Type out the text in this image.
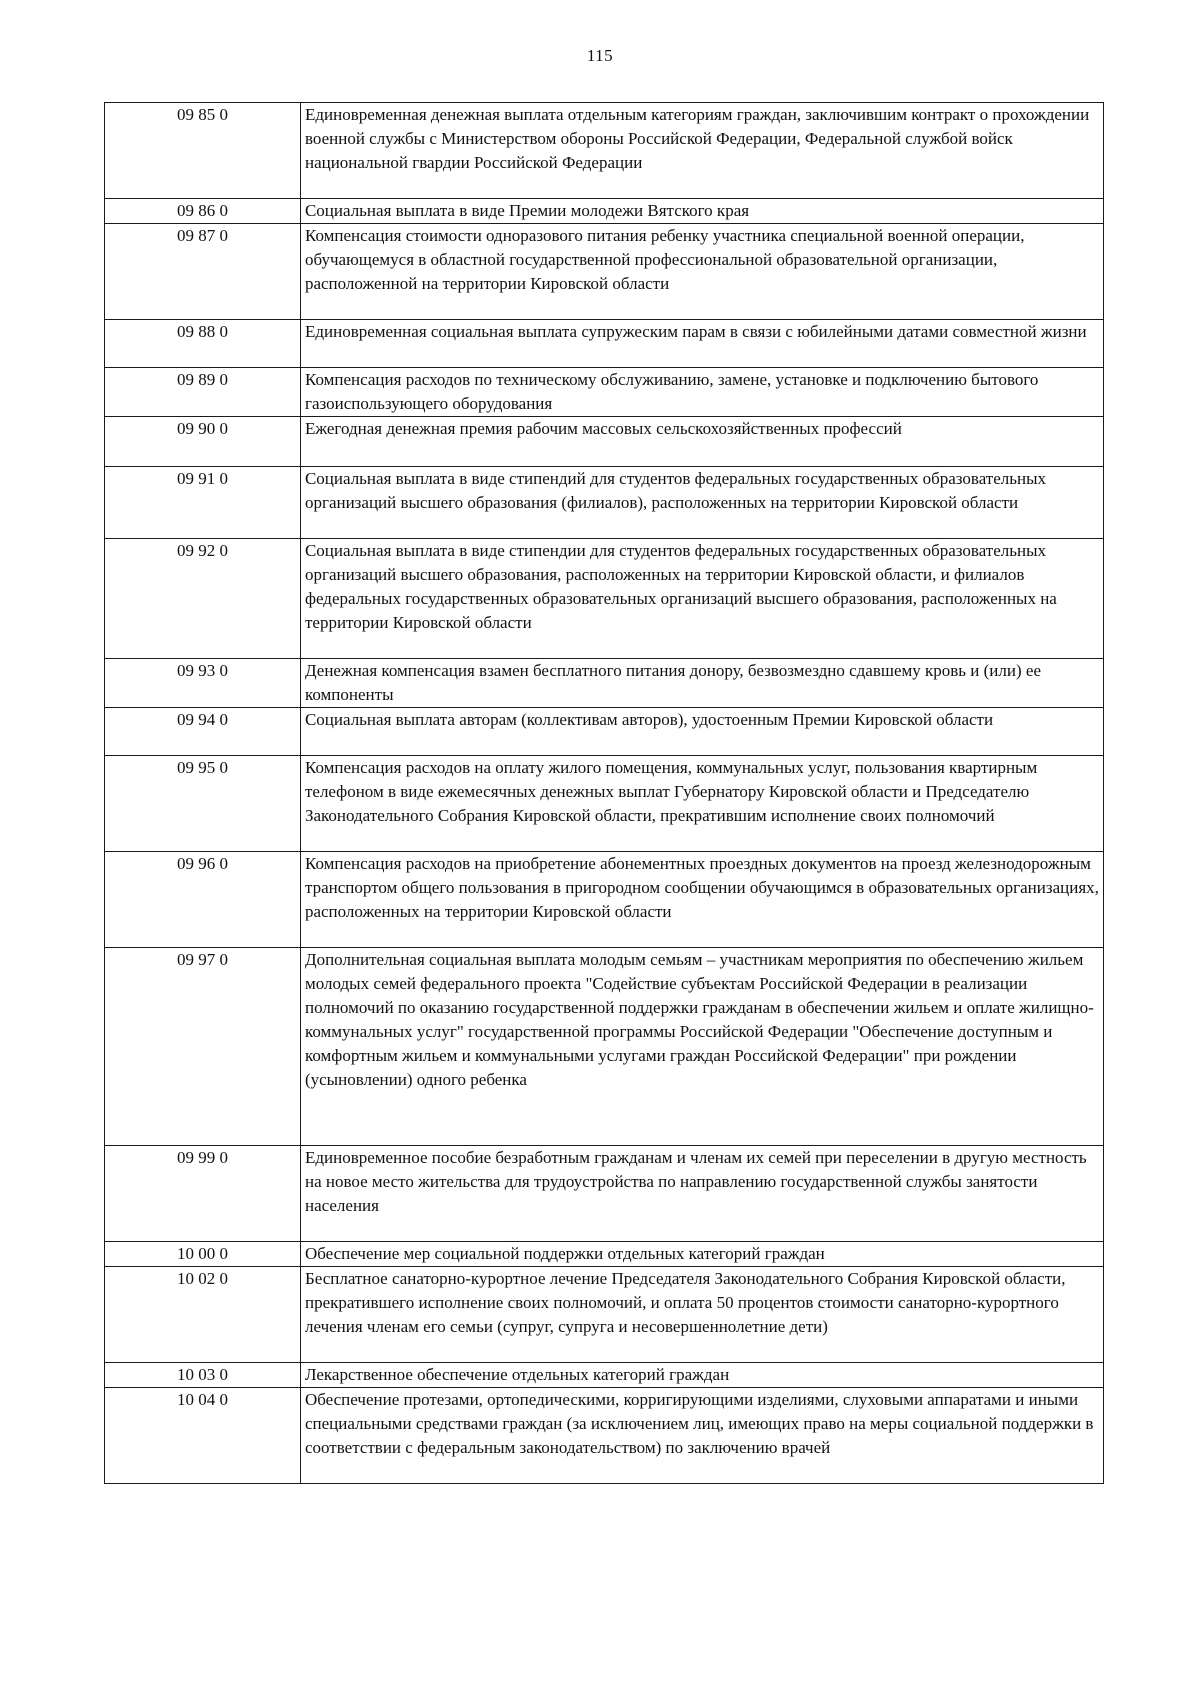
115
09 85 0	Единовременная денежная выплата отдельным категориям граждан, заключившим контракт о прохождении военной службы с Министерством обороны Российской Федерации, Федеральной службой войск национальной гвардии Российской Федерации
09 86 0	Социальная выплата в виде Премии молодежи Вятского края
09 87 0	Компенсация стоимости одноразового питания ребенку участника специальной военной операции, обучающемуся в областной государственной профессиональной образовательной организации, расположенной на территории Кировской области
09 88 0	Единовременная социальная выплата супружеским парам в связи с юбилейными датами совместной жизни
09 89 0	Компенсация расходов по техническому обслуживанию, замене, установке и подключению бытового газоиспользующего оборудования
09 90 0	Ежегодная денежная премия рабочим массовых сельскохозяйственных профессий
09 91 0	Социальная выплата в виде стипендий для студентов федеральных государственных образовательных организаций высшего образования (филиалов), расположенных на территории Кировской области
09 92 0	Социальная выплата в виде стипендии для студентов федеральных государственных образовательных организаций высшего образования, расположенных на территории Кировской области, и филиалов федеральных государственных образовательных организаций высшего образования, расположенных на территории Кировской области
09 93 0	Денежная компенсация взамен бесплатного питания донору, безвозмездно сдавшему кровь и (или) ее компоненты
09 94 0	Социальная выплата авторам (коллективам авторов), удостоенным Премии Кировской области
09 95 0	Компенсация расходов на оплату жилого помещения, коммунальных услуг, пользования квартирным телефоном в виде ежемесячных денежных выплат Губернатору Кировской области и Председателю Законодательного Собрания Кировской области, прекратившим исполнение своих полномочий
09 96 0	Компенсация расходов на приобретение абонементных проездных документов на проезд железнодорожным транспортом общего пользования в пригородном сообщении обучающимся в образовательных организациях, расположенных на территории Кировской области
09 97 0	Дополнительная социальная выплата молодым семьям – участникам мероприятия по обеспечению жильем молодых семей федерального проекта "Содействие субъектам Российской Федерации в реализации полномочий по оказанию государственной поддержки гражданам в обеспечении жильем и оплате жилищно-коммунальных услуг" государственной программы Российской Федерации "Обеспечение доступным и комфортным жильем и коммунальными услугами граждан Российской Федерации" при рождении (усыновлении) одного ребенка
09 99 0	Единовременное пособие безработным гражданам и членам их семей при переселении в другую местность на новое место жительства для трудоустройства по направлению государственной службы занятости населения
10 00 0	Обеспечение мер социальной поддержки отдельных категорий граждан
10 02 0	Бесплатное санаторно-курортное лечение Председателя Законодательного Собрания Кировской области, прекратившего исполнение своих полномочий, и оплата 50 процентов стоимости санаторно-курортного лечения членам его семьи (супруг, супруга и несовершеннолетние дети)
10 03 0	Лекарственное обеспечение отдельных категорий граждан
10 04 0	Обеспечение протезами, ортопедическими, корригирующими изделиями, слуховыми аппаратами и иными специальными средствами граждан (за исключением лиц, имеющих право на меры социальной поддержки в соответствии с федеральным законодательством) по заключению врачей
